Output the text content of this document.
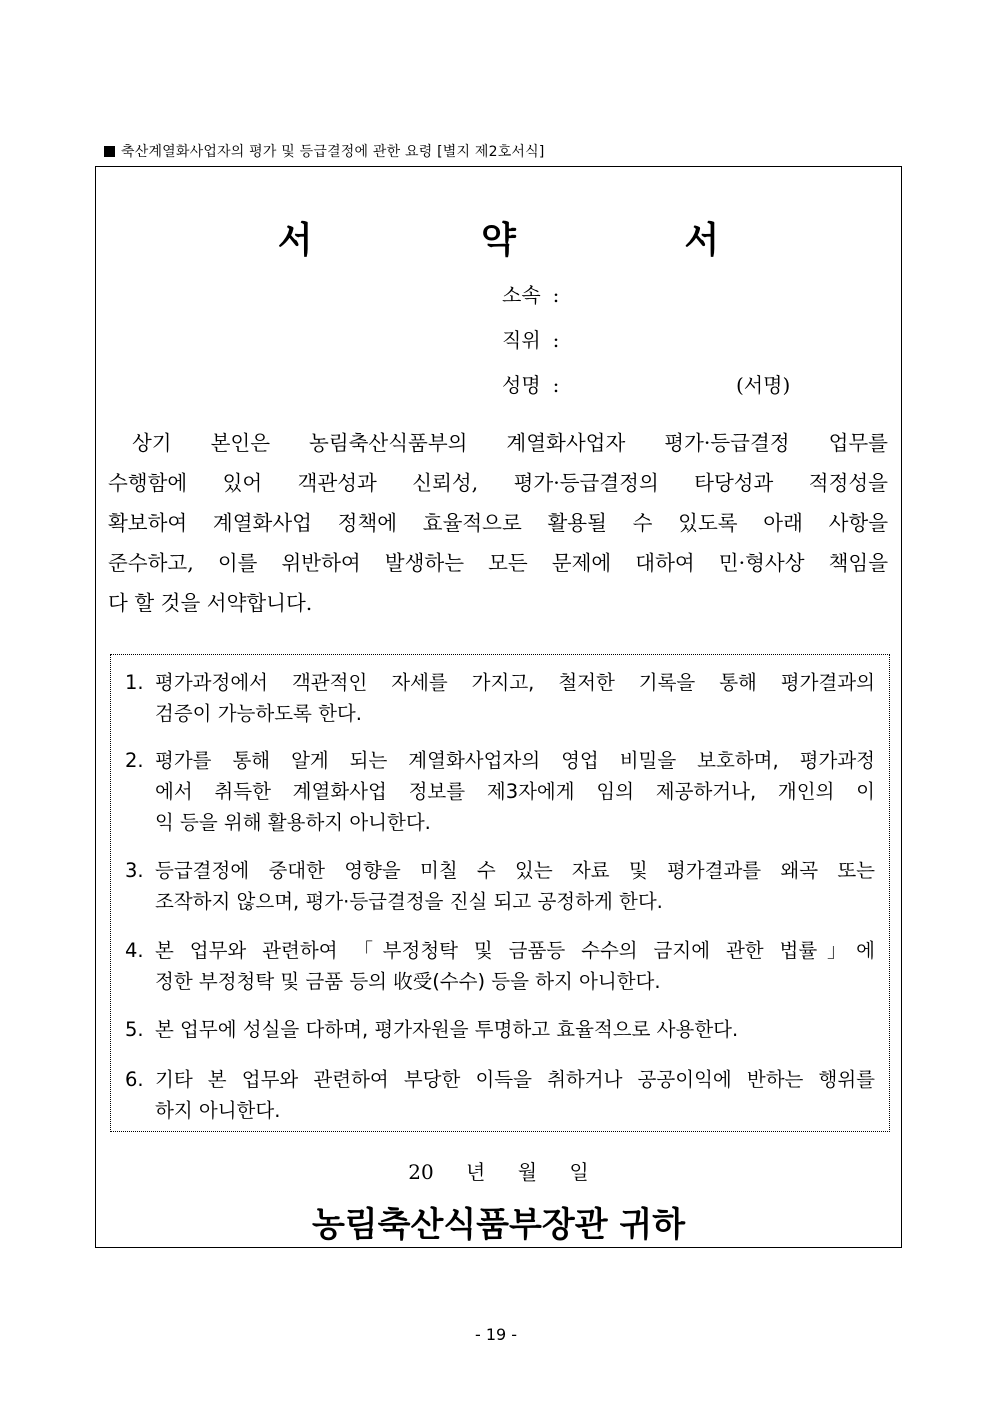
축산계열화사업자의 평가 및 등급결정에 관한 요령 [별지 제2호서식]
서 약 서
소속 :
직위 :
성명 :	(서명)
상기 본인은 농림축산식품부의 계열화사업자 평가·등급결정 업무를
수행함에 있어 객관성과 신뢰성, 평가·등급결정의 타당성과 적정성을
확보하여 계열화사업 정책에 효율적으로 활용될 수 있도록 아래 사항을
준수하고, 이를 위반하여 발생하는 모든 문제에 대하여 민·형사상 책임을
다 할 것을 서약합니다.
1. 평가과정에서 객관적인 자세를 가지고, 철저한 기록을 통해 평가결과의
검증이 가능하도록 한다.
2. 평가를 통해 알게 되는 계열화사업자의 영업 비밀을 보호하며, 평가과정
에서 취득한 계열화사업 정보를 제3자에게 임의 제공하거나, 개인의 이
익 등을 위해 활용하지 아니한다.
3. 등급결정에 중대한 영향을 미칠 수 있는 자료 및 평가결과를 왜곡 또는
조작하지 않으며, 평가·등급결정을 진실 되고 공정하게 한다.
4. 본 업무와 관련하여 「부정청탁 및 금품등 수수의 금지에 관한 법률」에
정한 부정청탁 및 금품 등의 收受(수수) 등을 하지 아니한다.
5. 본 업무에 성실을 다하며, 평가자원을 투명하고 효율적으로 사용한다.
6. 기타 본 업무와 관련하여 부당한 이득을 취하거나 공공이익에 반하는 행위를
하지 아니한다.
20 년 월 일
농림축산식품부장관 귀하
- 19 -
